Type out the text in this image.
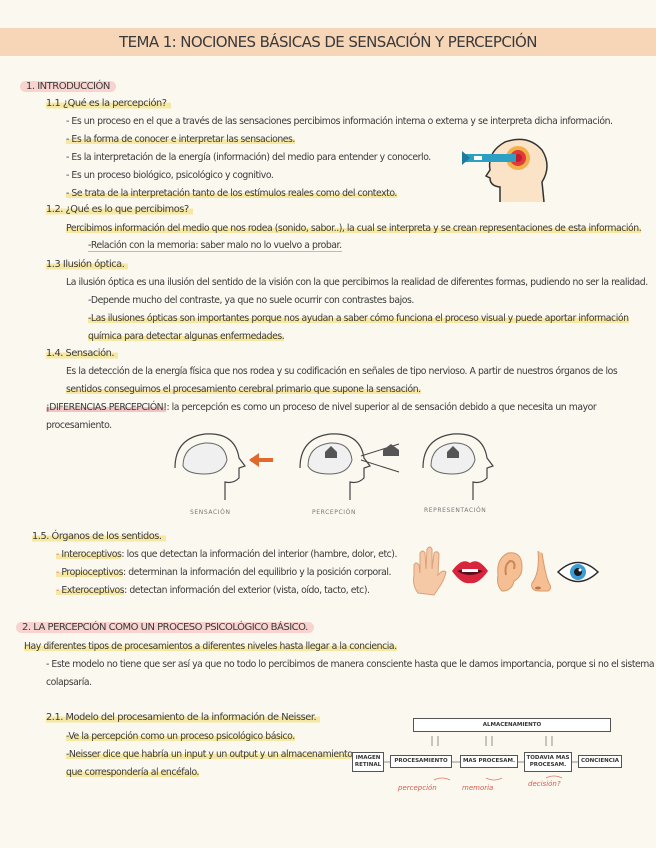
TEMA 1: NOCIONES BÁSICAS DE SENSACIÓN Y PERCEPCIÓN
1. INTRODUCCIÓN
1.1 ¿Qué es la percepción?
- Es un proceso en el que a través de las sensaciones percibimos información interna o externa y se interpreta dicha información.
- Es la forma de conocer e interpretar las sensaciones.
- Es la interpretación de la energía (información) del medio para entender y conocerlo.
- Es un proceso biológico, psicológico y cognitivo.
- Se trata de la interpretación tanto de los estímulos reales como del contexto.
1.2. ¿Qué es lo que percibimos?
Percibimos información del medio que nos rodea (sonido, sabor..), la cual se interpreta y se crean representaciones de esta información.
-Relación con la memoria: saber malo no lo vuelvo a probar.
1.3 Ilusión óptica.
La ilusión óptica es una ilusión del sentido de la visión con la que percibimos la realidad de diferentes formas, pudiendo no ser la realidad.
-Depende mucho del contraste, ya que no suele ocurrir con contrastes bajos.
-Las ilusiones ópticas son importantes porque nos ayudan a saber cómo funciona el proceso visual y puede aportar información
química para detectar algunas enfermedades.
1.4. Sensación.
Es la detección de la energía física que nos rodea y su codificación en señales de tipo nervioso. A partir de nuestros órganos de los
sentidos conseguimos el procesamiento cerebral primario que supone la sensación.
¡DIFERENCIAS PERCEPCIÓN!: la percepción es como un proceso de nivel superior al de sensación debido a que necesita un mayor
procesamiento.
SENSACIÓN	PERCEPCIÓN	REPRESENTACIÓN
1.5. Órganos de los sentidos.
- Interoceptivos: los que detectan la información del interior (hambre, dolor, etc).
- Propioceptivos: determinan la información del equilibrio y la posición corporal.
- Exteroceptivos: detectan información del exterior (vista, oído, tacto, etc).
2. LA PERCEPCIÓN COMO UN PROCESO PSICOLÓGICO BÁSICO.
Hay diferentes tipos de procesamientos a diferentes niveles hasta llegar a la conciencia.
- Este modelo no tiene que ser así ya que no todo lo percibimos de manera consciente hasta que le damos importancia, porque si no el sistema
colapsaría.
2.1. Modelo del procesamiento de la información de Neisser.
-Ve la percepción como un proceso psicológico básico.
-Neisser dice que habría un input y un output y un almacenamiento
que correspondería al encéfalo.
ALMACENAMIENTO
IMAGEN RETINAL
PROCESAMIENTO	MAS PROCESAM.	TODAVIA MAS PROCESAM.
CONCIENCIA
percepción	memoria	decisión?
